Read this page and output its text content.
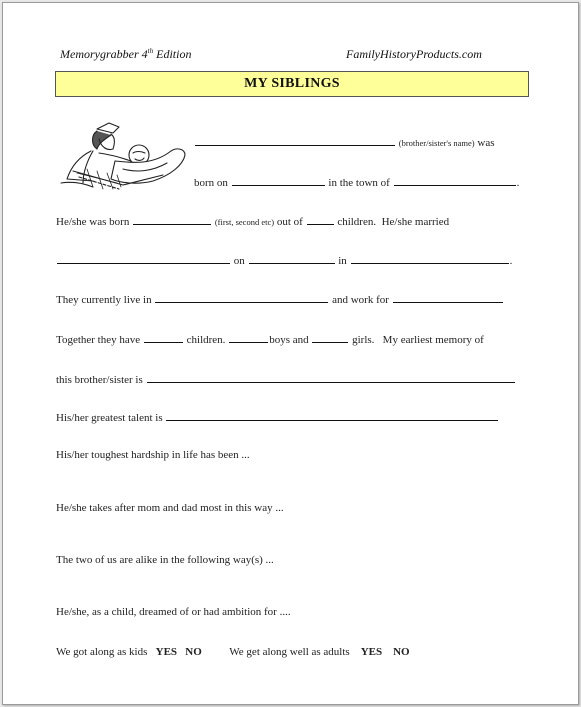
Memorygrabber 4th Edition	FamilyHistoryProducts.com
MY SIBLINGS
(brother/sister's name) was
born on	in the town of	.
He/she was born	(first, second etc) out of	children. He/she married
on	in	.
They currently live in	and work for
Together they have	children.	boys and	girls. My earliest memory of
this brother/sister is
His/her greatest talent is
His/her toughest hardship in life has been ...
He/she takes after mom and dad most in this way ...
The two of us are alike in the following way(s) ...
He/she, as a child, dreamed of or had ambition for ....
We got along as kids YES NO	We get along well as adults YES NO
